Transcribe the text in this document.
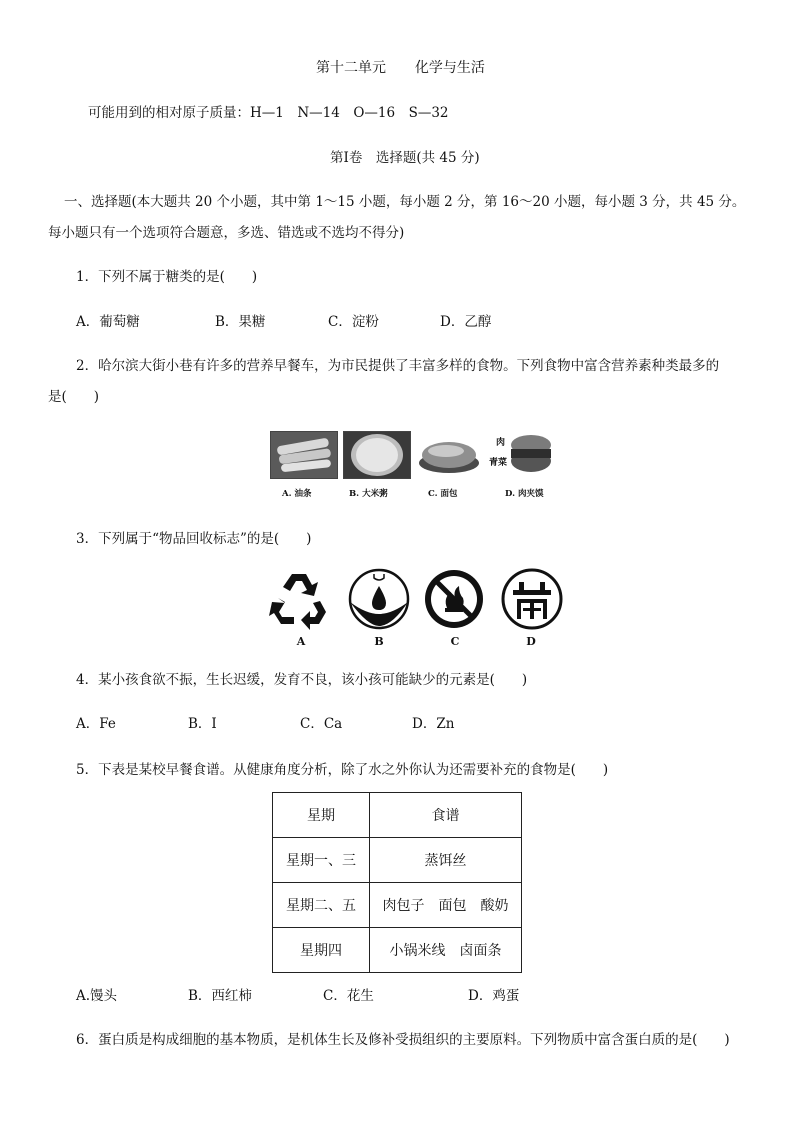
第十二单元 化学与生活
可能用到的相对原子质量：H—1　N—14　O—16　S—32
第Ⅰ卷　选择题(共 45 分)
一、选择题(本大题共 20 个小题，其中第 1～15 小题，每小题 2 分，第 16～20 小题，每小题 3 分，共 45 分。
每小题只有一个选项符合题意，多选、错选或不选均不得分)
1．下列不属于糖类的是(　　)
A．葡萄糖	B．果糖	C．淀粉	D．乙醇
2．哈尔滨大街小巷有许多的营养早餐车，为市民提供了丰富多样的食物。下列食物中富含营养素种类最多的
是(　　)
肉
青菜
A. 油条	B. 大米粥	C. 面包	D. 肉夹馍
3．下列属于“物品回收标志”的是(　　)
A	B	C	D
4．某小孩食欲不振，生长迟缓，发育不良，该小孩可能缺少的元素是(　　)
A．Fe	B．I	C．Ca	D．Zn
5．下表是某校早餐食谱。从健康角度分析，除了水之外你认为还需要补充的食物是(　　)
星期	食谱
星期一、三	蒸饵丝
星期二、五	肉包子　面包　酸奶
星期四	小锅米线　卤面条
A.馒头	B．西红柿	C．花生	D．鸡蛋
6．蛋白质是构成细胞的基本物质，是机体生长及修补受损组织的主要原料。下列物质中富含蛋白质的是(　　)
